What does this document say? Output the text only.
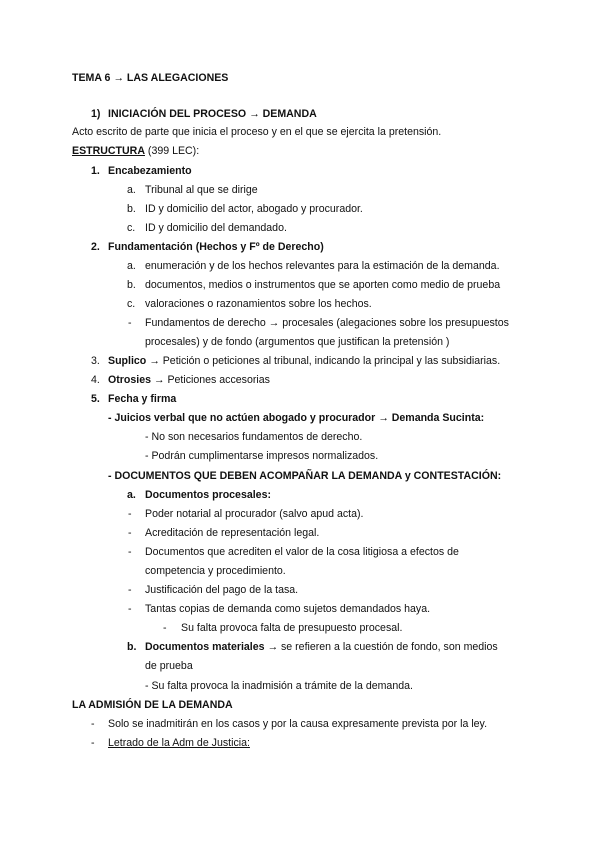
TEMA 6 → LAS ALEGACIONES
1) INICIACIÓN DEL PROCESO → DEMANDA
Acto escrito de parte que inicia el proceso y en el que se ejercita la pretensión.
ESTRUCTURA (399 LEC):
1. Encabezamiento
a. Tribunal al que se dirige
b. ID y domicilio del actor, abogado y procurador.
c. ID y domicilio del demandado.
2. Fundamentación (Hechos y Fº de Derecho)
a. enumeración y de los hechos relevantes para la estimación de la demanda.
b. documentos, medios o instrumentos que se aporten como medio de prueba
c. valoraciones o razonamientos sobre los hechos.
- Fundamentos de derecho → procesales (alegaciones sobre los presupuestos
procesales) y de fondo (argumentos que justifican la pretensión )
3. Suplico → Petición o peticiones al tribunal, indicando la principal y las subsidiarias.
4. Otrosies → Peticiones accesorias
5. Fecha y firma
- Juicios verbal que no actúen abogado y procurador → Demanda Sucinta:
- No son necesarios fundamentos de derecho.
- Podrán cumplimentarse impresos normalizados.
- DOCUMENTOS QUE DEBEN ACOMPAÑAR LA DEMANDA y CONTESTACIÓN:
a. Documentos procesales:
- Poder notarial al procurador (salvo apud acta).
- Acreditación de representación legal.
- Documentos que acrediten el valor de la cosa litigiosa a efectos de
competencia y procedimiento.
- Justificación del pago de la tasa.
- Tantas copias de demanda como sujetos demandados haya.
- Su falta provoca falta de presupuesto procesal.
b. Documentos materiales → se refieren a la cuestión de fondo, son medios
de prueba
- Su falta provoca la inadmisión a trámite de la demanda.
LA ADMISIÓN DE LA DEMANDA
- Solo se inadmitirán en los casos y por la causa expresamente prevista por la ley.
- Letrado de la Adm de Justicia:
